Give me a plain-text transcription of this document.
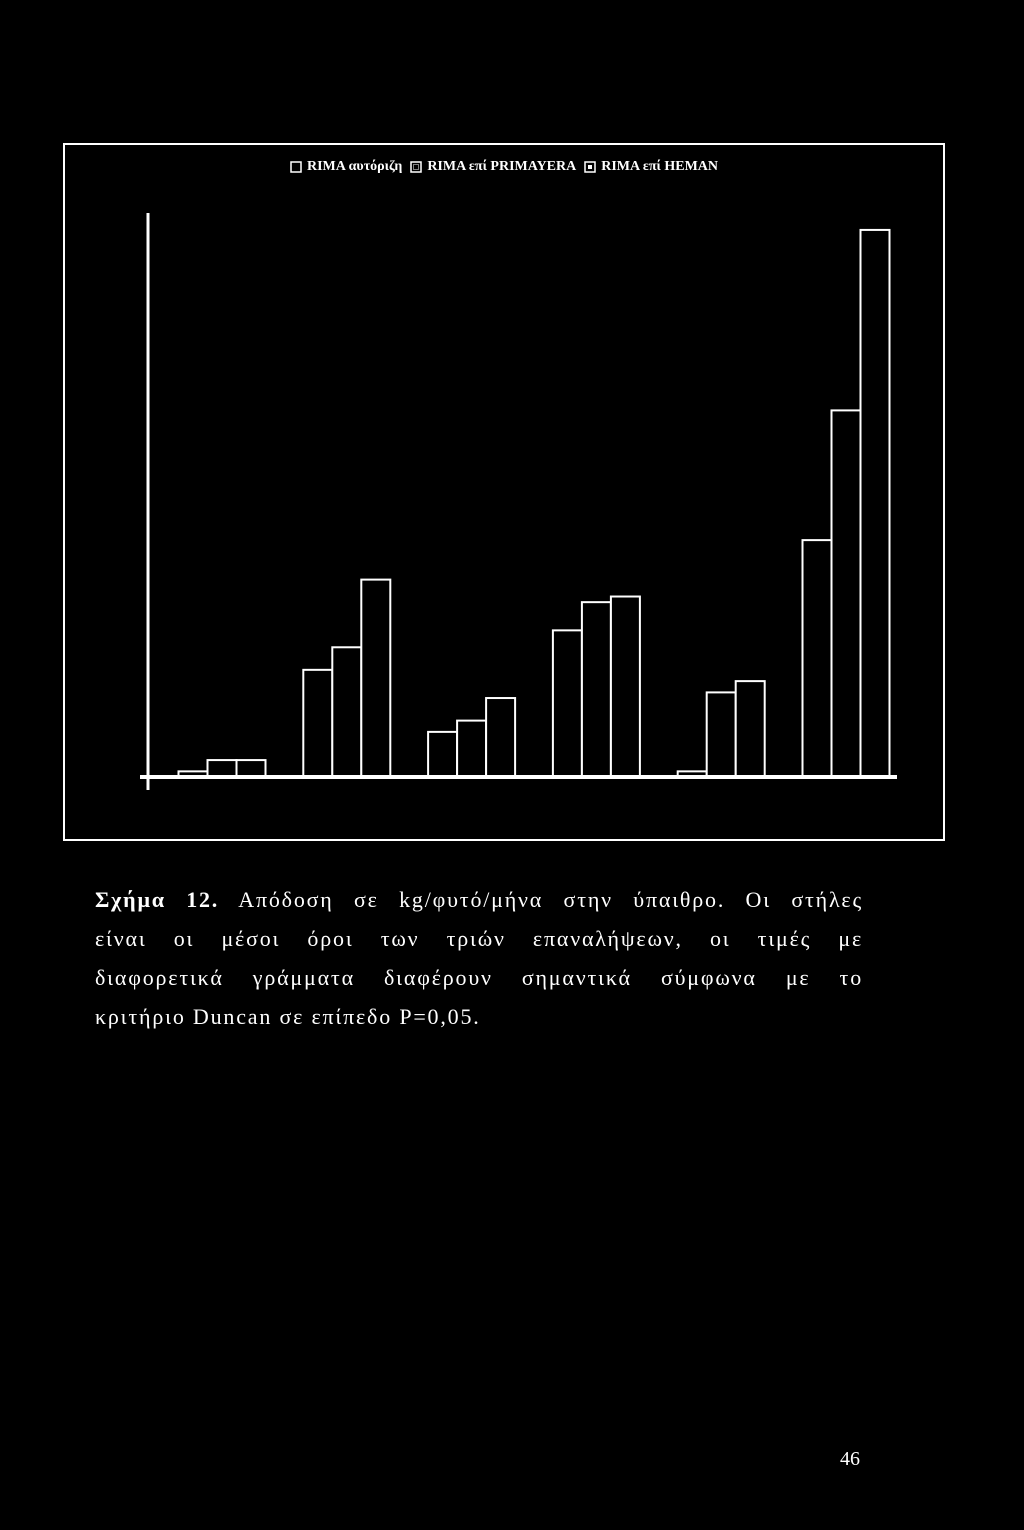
RIMA αυτόριζη RIMA επί PRIMAYERA RIMA επί HEMAN
Σχήμα 12. Απόδοση σε kg/φυτό/μήνα στην ύπαιθρο. Οι στήλες
είναι οι μέσοι όροι των τριών επαναλήψεων, οι τιμές με
διαφορετικά γράμματα διαφέρουν σημαντικά σύμφωνα με το
κριτήριο Duncan σε επίπεδο P=0,05.
46
